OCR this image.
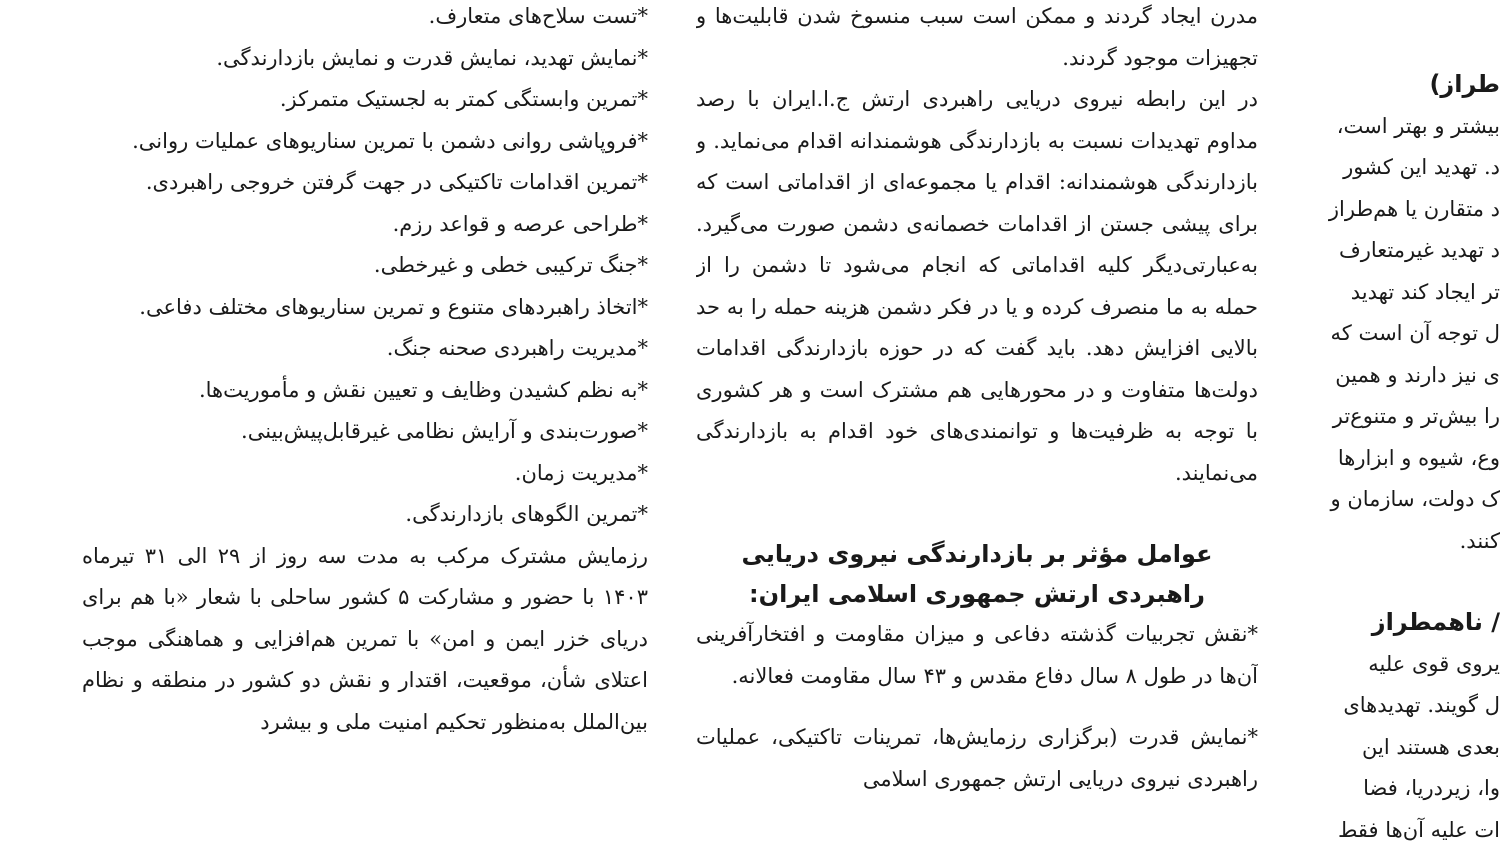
*تست سلاح‌های متعارف.

*نمایش تهدید، نمایش قدرت و نمایش بازدارندگی.

*تمرین وابستگی کمتر به لجستیک متمرکز.

*فروپاشی روانی دشمن با تمرین سناریوهای عملیات روانی.

*تمرین اقدامات تاکتیکی در جهت گرفتن خروجی راهبردی.

*طراحی عرصه و قواعد رزم.

*جنگ ترکیبی خطی و غیرخطی.

*اتخاذ راهبردهای متنوع و تمرین سناریوهای مختلف دفاعی.

*مدیریت راهبردی صحنه جنگ.

*به نظم کشیدن وظایف و تعیین نقش و مأموریت‌ها.

*صورت‌بندی و آرایش نظامی غیرقابل‌پیش‌بینی.

*مدیریت زمان.

*تمرین الگوهای بازدارندگی.

رزمایش مشترک مرکب به مدت سه روز از ۲۹ الی ۳۱ تیرماه ۱۴۰۳ با حضور و مشارکت ۵ کشور ساحلی با شعار «با هم برای دریای خزر ایمن و امن» با تمرین هم‌افزایی و هماهنگی موجب اعتلای شأن، موقعیت، اقتدار و نقش دو کشور در منطقه و نظام بین‌الملل به‌منظور تحکیم امنیت ملی و بیشرد

مدرن ایجاد گردند و ممکن است سبب منسوخ شدن قابلیت‌ها و تجهیزات موجود گردند.

در این رابطه نیروی دریایی راهبردی ارتش ج.ا.ایران با رصد مداوم تهدیدات نسبت به بازدارندگی هوشمندانه اقدام می‌نماید. و بازدارندگی هوشمندانه: اقدام یا مجموعه‌ای از اقداماتی است که برای پیشی جستن از اقدامات خصمانه‌ی دشمن صورت می‌گیرد. به‌عبارتی‌دیگر کلیه اقداماتی که انجام می‌شود تا دشمن را از حمله به ما منصرف کرده و یا در فکر دشمن هزینه حمله را به حد بالایی افزایش دهد. باید گفت که در حوزه بازدارندگی اقدامات دولت‌ها متفاوت و در محورهایی هم مشترک است و هر کشوری با توجه به ظرفیت‌ها و توانمندی‌های خود اقدام به بازدارندگی می‌نمایند.

عوامل مؤثر بر بازدارندگی نیروی دریایی راهبردی ارتش جمهوری اسلامی ایران:

*نقش تجربیات گذشته دفاعی و میزان مقاومت و افتخارآفرینی آن‌ها در طول ۸ سال دفاع مقدس و ۴۳ سال مقاومت فعالانه.

*نمایش قدرت (برگزاری رزمایش‌ها، تمرینات تاکتیکی، عملیات راهبردی نیروی دریایی ارتش جمهوری اسلامی

طراز)
بیشتر و بهتر است،
د. تهدید این کشور
د متقارن یا هم‌طراز
د تهدید غیرمتعارف
تر ایجاد کند تهدید
ل توجه آن است که
ی نیز دارند و همین
را بیش‌تر و متنوع‌تر
وع، شیوه و ابزارها
ک دولت، سازمان و
کنند.
/ ناهمطراز
یروی قوی علیه
ل گویند. تهدیدهای
بعدی هستند این
وا، زیردریا، فضا
ات علیه آن‌ها فقط
